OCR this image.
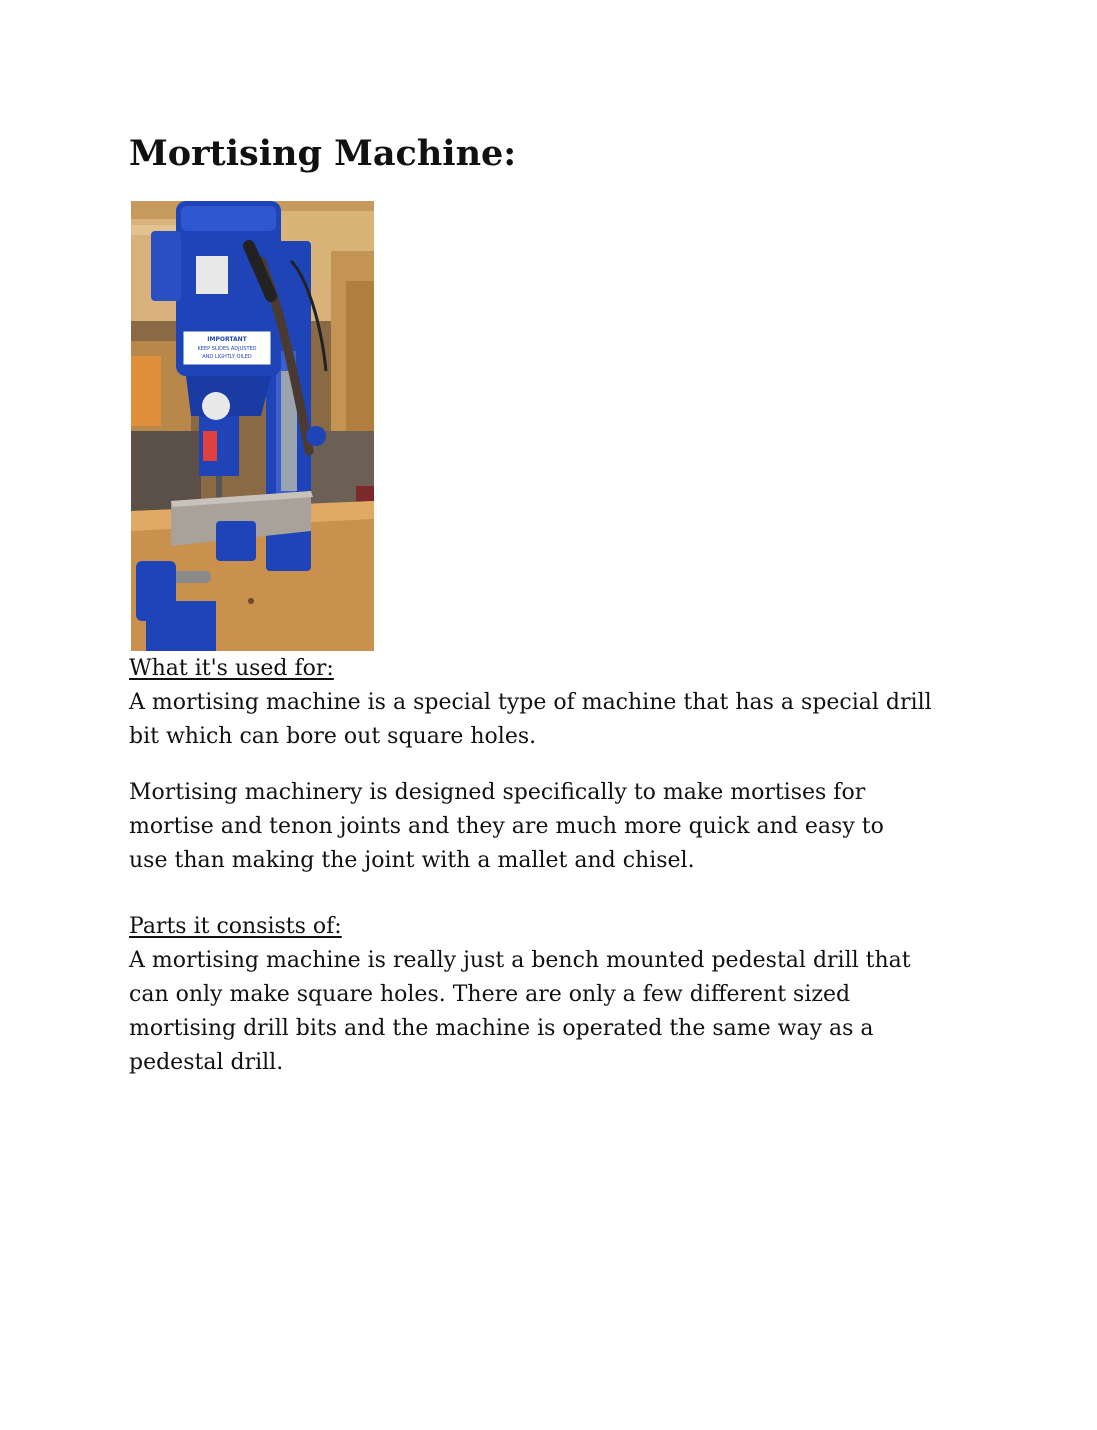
Mortising Machine:
IMPORTANT
KEEP SLIDES ADJUSTED
AND LIGHTLY OILED

What it's used for:

A mortising machine is a special type of machine that has a special drill

bit which can bore out square holes.

Mortising machinery is designed specifically to make mortises for

mortise and tenon joints and they are much more quick and easy to

use than making the joint with a mallet and chisel.

Parts it consists of:

A mortising machine is really just a bench mounted pedestal drill that

can only make square holes. There are only a few different sized

mortising drill bits and the machine is operated the same way as a

pedestal drill.
